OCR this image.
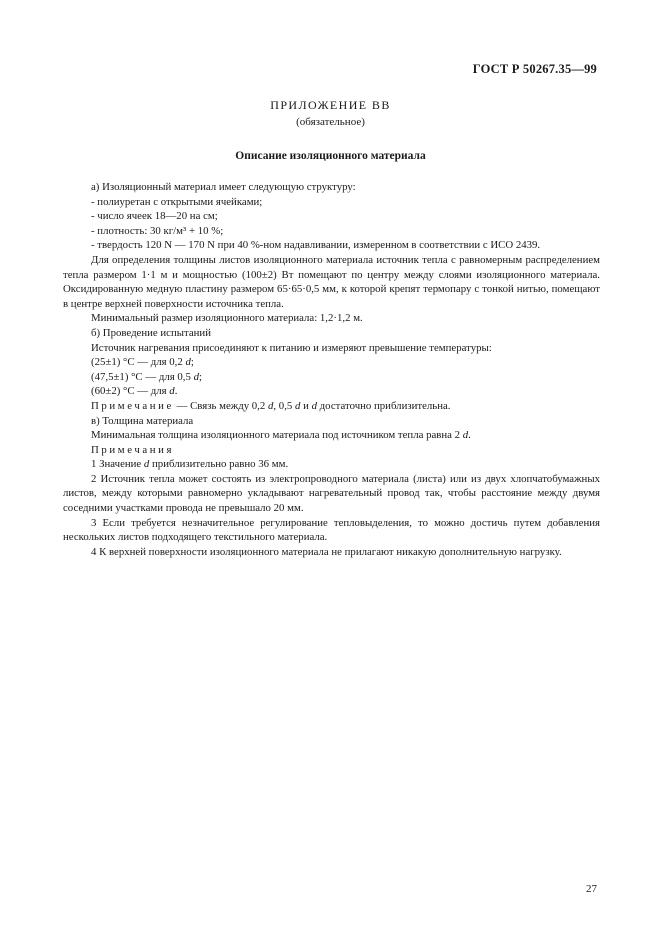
ГОСТ Р 50267.35—99
ПРИЛОЖЕНИЕ ВВ
(обязательное)
Описание изоляционного материала

а) Изоляционный материал имеет следующую структуру:

- полиуретан с открытыми ячейками;

- число ячеек 18—20 на см;

- плотность: 30 кг/м³ + 10 %;

- твердость 120 N — 170 N при 40 %-ном надавливании, измеренном в соответствии с ИСО 2439.

Для определения толщины листов изоляционного материала источник тепла с равномерным распределением тепла размером 1·1 м и мощностью (100±2) Вт помещают по центру между слоями изоляционного материала. Оксидированную медную пластину размером 65·65·0,5 мм, к которой крепят термопару с тонкой нитью, помещают в центре верхней поверхности источника тепла.

Минимальный размер изоляционного материала: 1,2·1,2 м.

б) Проведение испытаний

Источник нагревания присоединяют к питанию и измеряют превышение температуры:

(25±1) °С — для 0,2 d;

(47,5±1) °С — для 0,5 d;

(60±2) °С — для d.

Примечание — Связь между 0,2 d, 0,5 d и d достаточно приблизительна.

в) Толщина материала

Минимальная толщина изоляционного материала под источником тепла равна 2 d.

Примечания

1 Значение d приблизительно равно 36 мм.

2 Источник тепла может состоять из электропроводного материала (листа) или из двух хлопчатобумажных листов, между которыми равномерно укладывают нагревательный провод так, чтобы расстояние между двумя соседними участками провода не превышало 20 мм.

3 Если требуется незначительное регулирование тепловыделения, то можно достичь путем добавления нескольких листов подходящего текстильного материала.

4 К верхней поверхности изоляционного материала не прилагают никакую дополнительную нагрузку.

27
